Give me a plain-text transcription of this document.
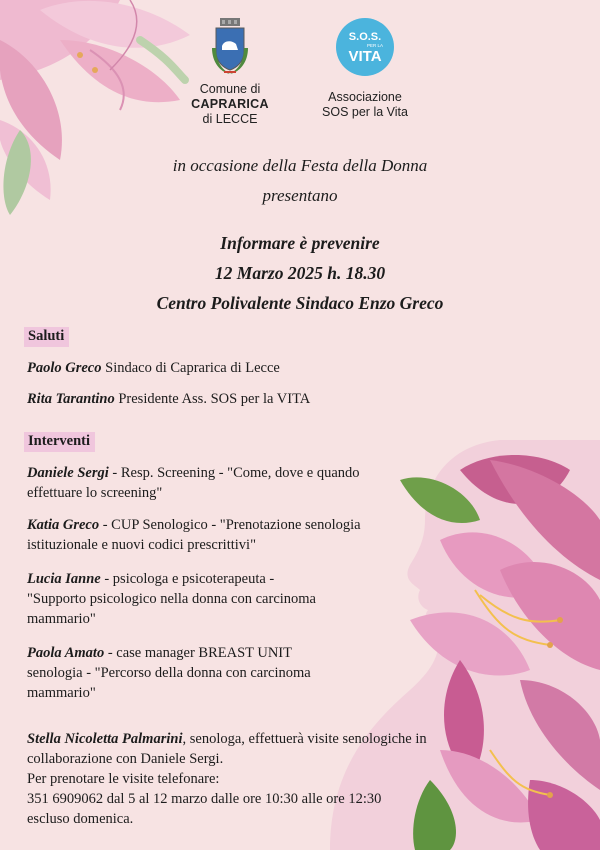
Comune di
CAPRARICA
di LECCE
S.O.S.
PER LA
VITA
Associazione
SOS per la Vita
in occasione della Festa della Donna
presentano
Informare è prevenire
12 Marzo 2025 h. 18.30
Centro Polivalente Sindaco Enzo Greco
Saluti
Paolo Greco Sindaco di Caprarica di Lecce
Rita Tarantino Presidente Ass. SOS per la VITA
Interventi
Daniele Sergi - Resp. Screening - "Come, dove e quando effettuare lo screening"
Katia Greco - CUP Senologico - "Prenotazione senologia istituzionale e nuovi codici prescrittivi"
Lucia Ianne - psicologa e psicoterapeuta - "Supporto psicologico nella donna con carcinoma mammario"
Paola Amato - case manager BREAST UNIT senologia - "Percorso della donna con carcinoma mammario"
Stella Nicoletta Palmarini, senologa, effettuerà visite senologiche in collaborazione con Daniele Sergi.
Per prenotare le visite telefonare:
351 6909062 dal 5 al 12 marzo dalle ore 10:30 alle ore 12:30
escluso domenica.
